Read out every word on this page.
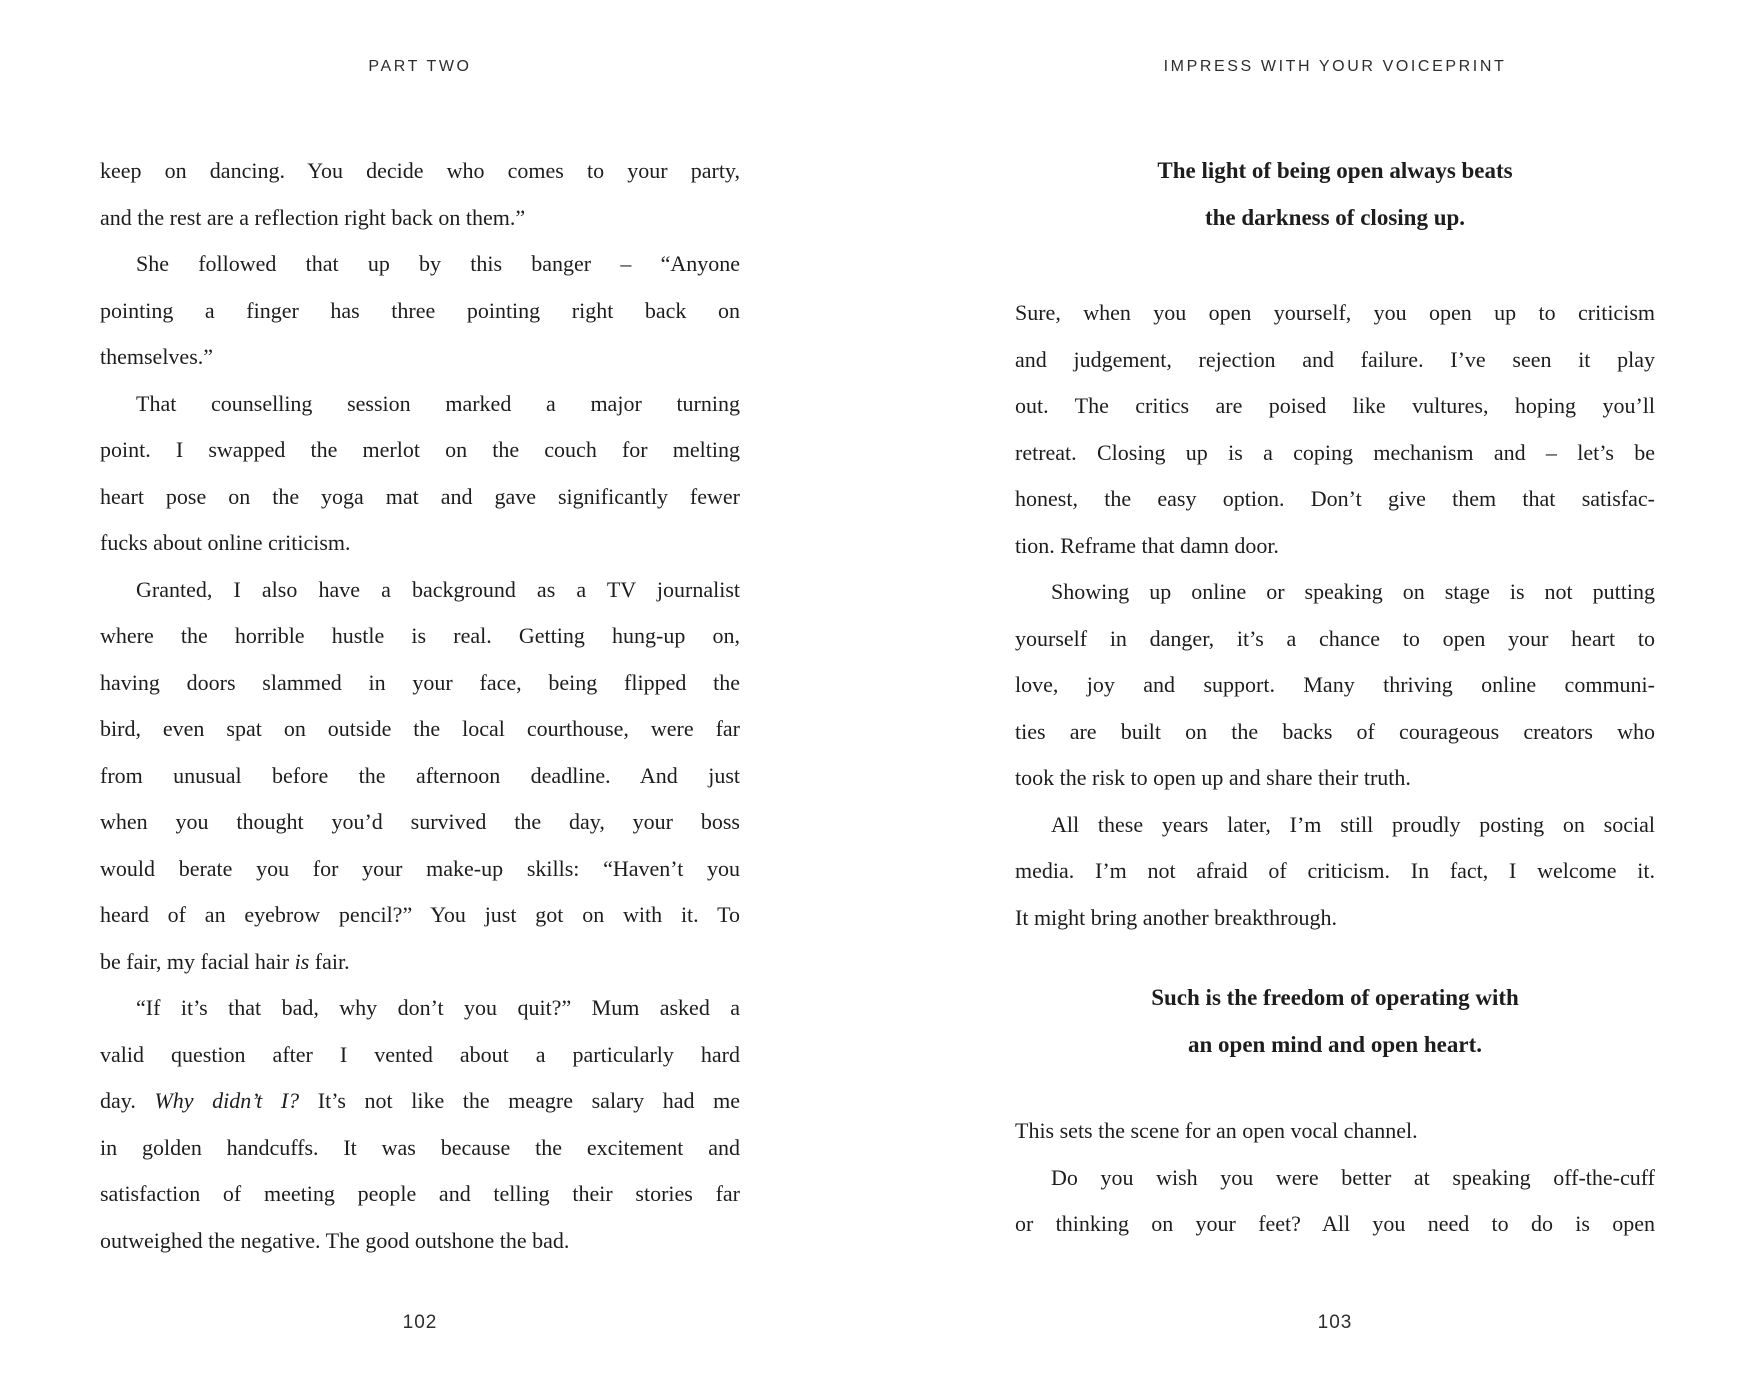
PART TWO
keep on dancing. You decide who comes to your party,
and the rest are a reflection right back on them.”
She followed that up by this banger – “Anyone
pointing a finger has three pointing right back on
themselves.”
That counselling session marked a major turning
point. I swapped the merlot on the couch for melting
heart pose on the yoga mat and gave significantly fewer
fucks about online criticism.
Granted, I also have a background as a TV journalist
where the horrible hustle is real. Getting hung-up on,
having doors slammed in your face, being flipped the
bird, even spat on outside the local courthouse, were far
from unusual before the afternoon deadline. And just
when you thought you’d survived the day, your boss
would berate you for your make-up skills: “Haven’t you
heard of an eyebrow pencil?” You just got on with it. To
be fair, my facial hair is fair.
“If it’s that bad, why don’t you quit?” Mum asked a
valid question after I vented about a particularly hard
day. Why didn’t I? It’s not like the meagre salary had me
in golden handcuffs. It was because the excitement and
satisfaction of meeting people and telling their stories far
outweighed the negative. The good outshone the bad.
102
IMPRESS WITH YOUR VOICEPRINT
The light of being open always beats
the darkness of closing up.
Sure, when you open yourself, you open up to criticism
and judgement, rejection and failure. I’ve seen it play
out. The critics are poised like vultures, hoping you’ll
retreat. Closing up is a coping mechanism and – let’s be
honest, the easy option. Don’t give them that satisfac-
tion. Reframe that damn door.
Showing up online or speaking on stage is not putting
yourself in danger, it’s a chance to open your heart to
love, joy and support. Many thriving online communi-
ties are built on the backs of courageous creators who
took the risk to open up and share their truth.
All these years later, I’m still proudly posting on social
media. I’m not afraid of criticism. In fact, I welcome it.
It might bring another breakthrough.
Such is the freedom of operating with
an open mind and open heart.
This sets the scene for an open vocal channel.
Do you wish you were better at speaking off-the-cuff
or thinking on your feet? All you need to do is open
103
